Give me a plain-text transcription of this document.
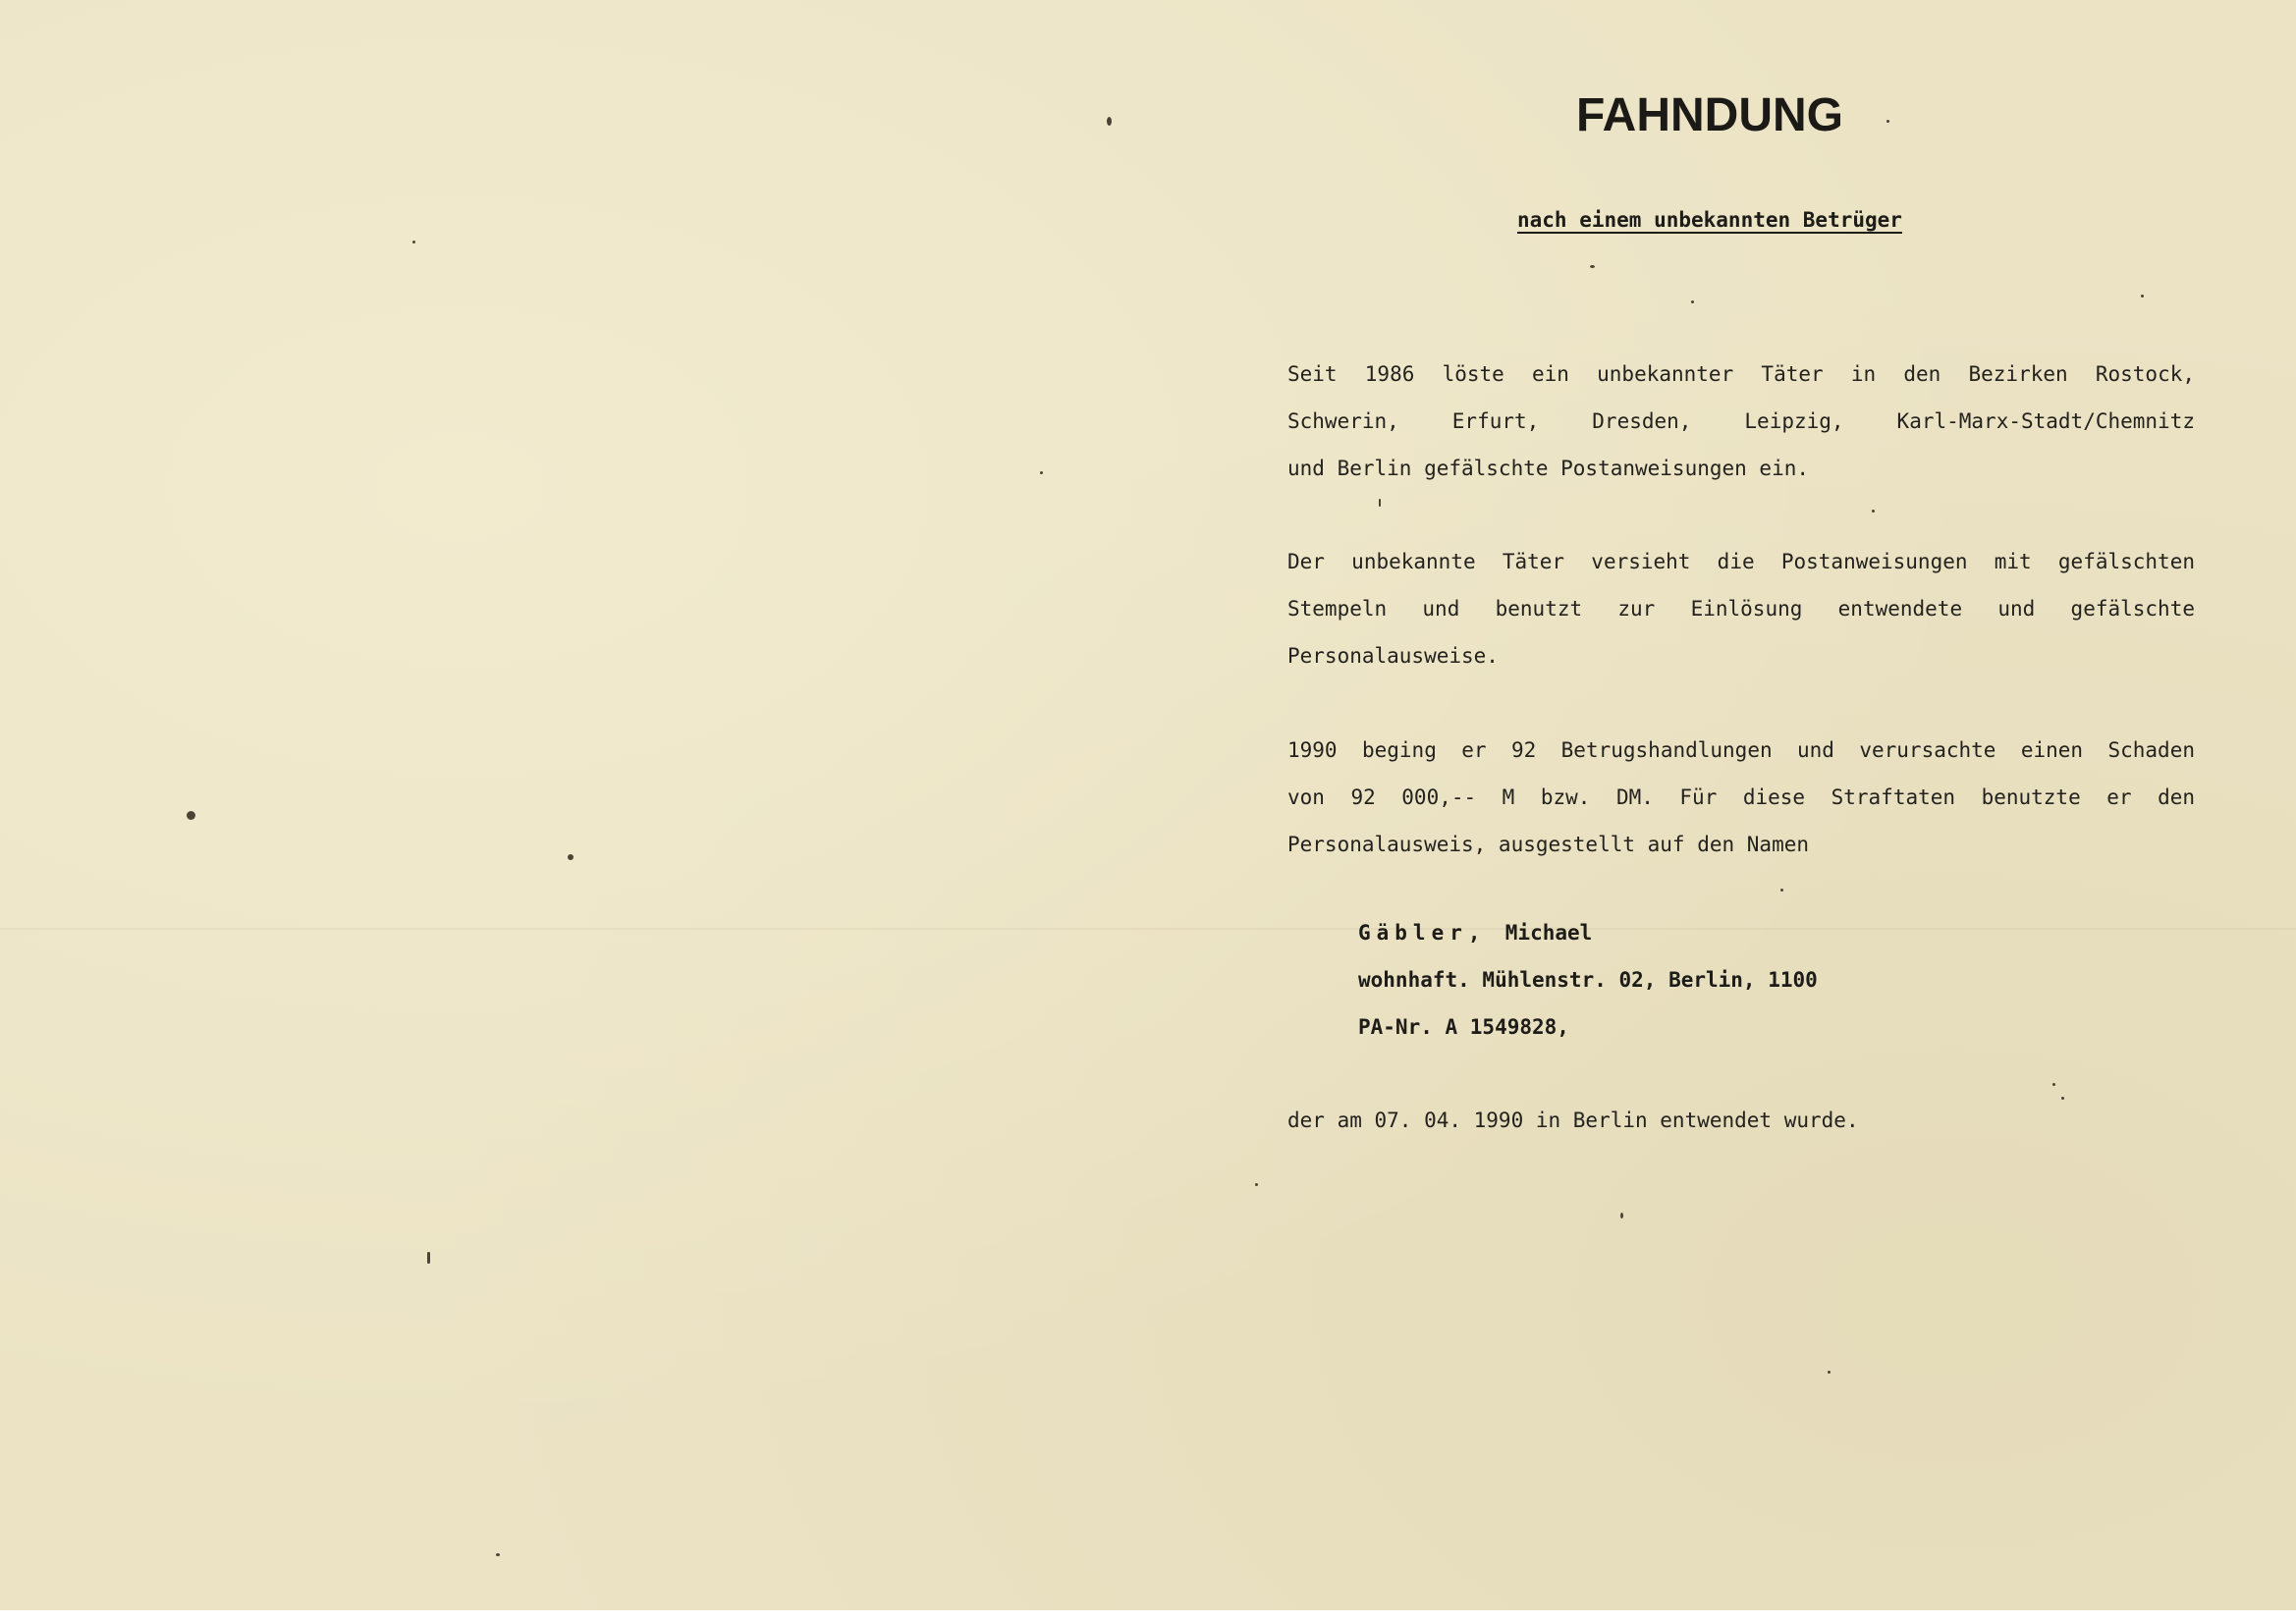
FAHNDUNG
nach einem unbekannten Betrüger

Seit 1986 löste ein unbekannter Täter in den Bezirken Rostock,
Schwerin, Erfurt, Dresden, Leipzig, Karl-Marx-Stadt/Chemnitz
und Berlin gefälschte Postanweisungen ein.

Der unbekannte Täter versieht die Postanweisungen mit gefälschten
Stempeln und benutzt zur Einlösung entwendete und gefälschte
Personalausweise.

1990 beging er 92 Betrugshandlungen und verursachte einen Schaden
von 92 000,-- M bzw. DM. Für diese Straftaten benutzte er den
Personalausweis, ausgestellt auf den Namen

Gäbler,  Michael
wohnhaft. Mühlenstr. 02, Berlin, 1100
PA-Nr. A 1549828,

der am 07. 04. 1990 in Berlin entwendet wurde.
